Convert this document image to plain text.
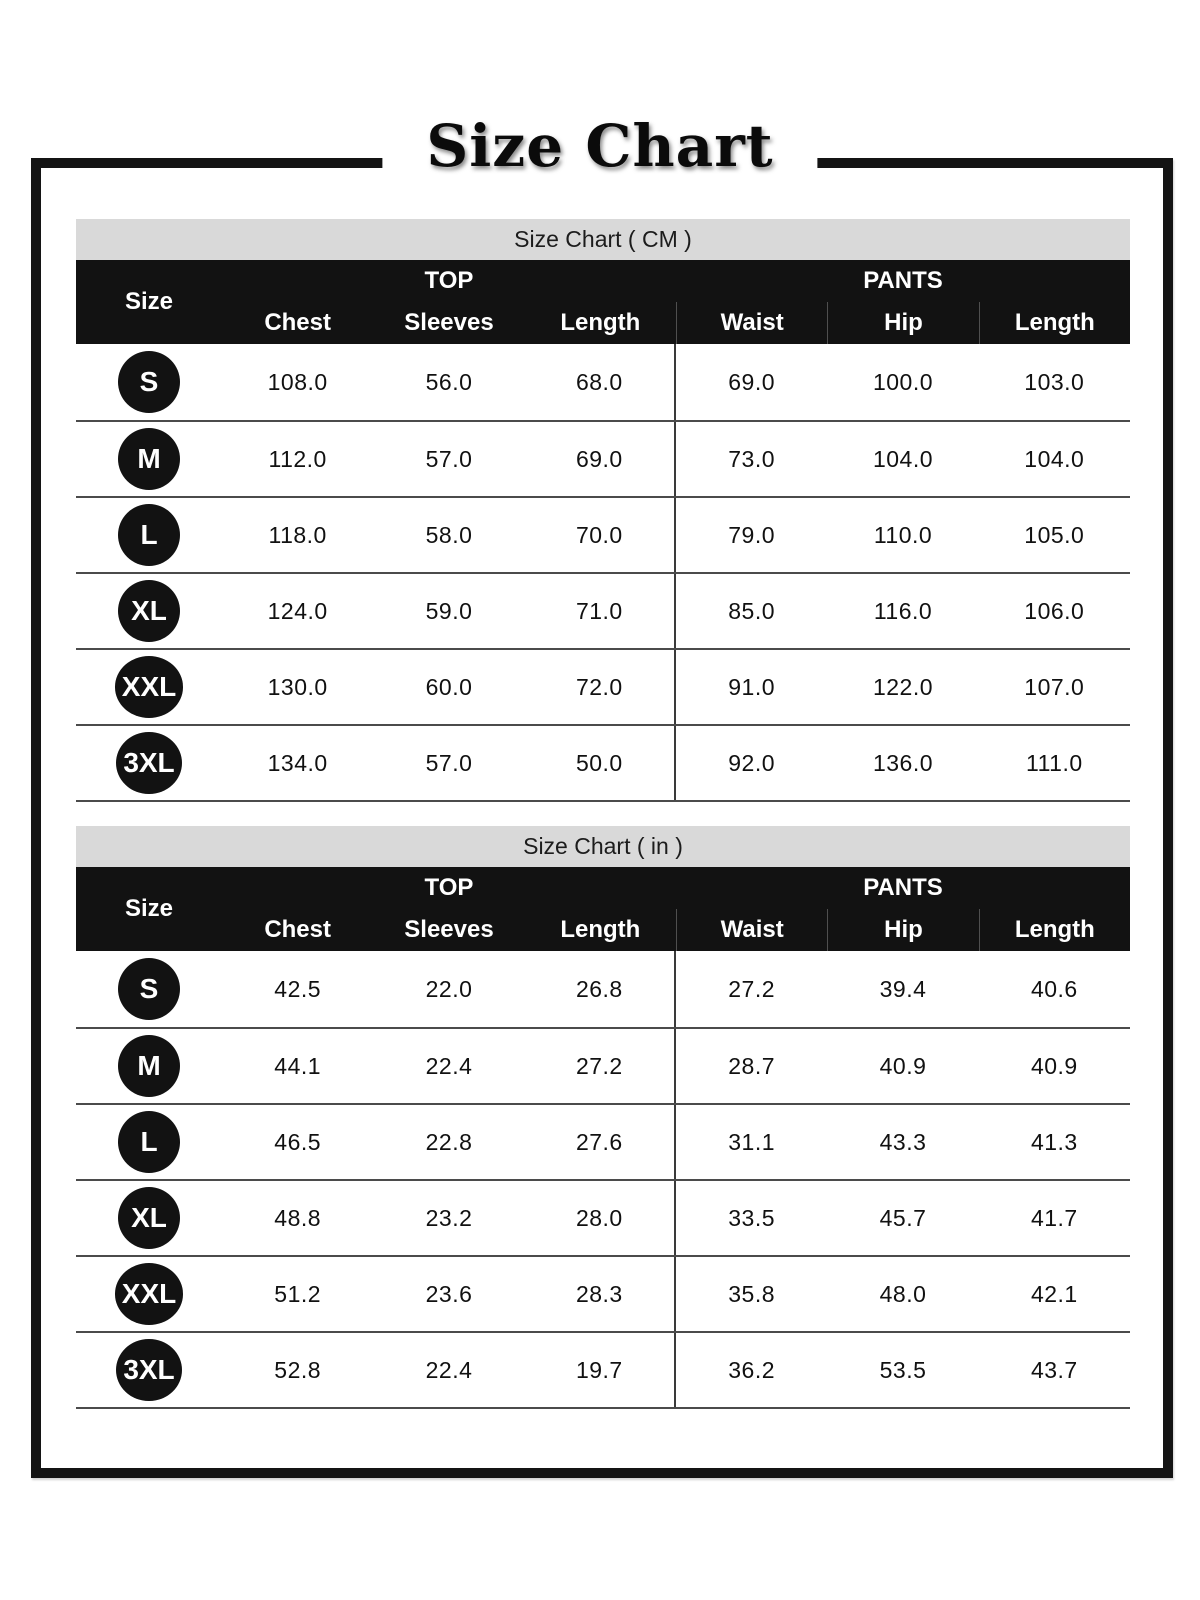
Size Chart
Size Chart ( CM )
Size
TOP	PANTS
Chest	Sleeves	Length	Waist	Hip	Length
S	108.0	56.0	68.0	69.0	100.0	103.0
M	112.0	57.0	69.0	73.0	104.0	104.0
L	118.0	58.0	70.0	79.0	110.0	105.0
XL	124.0	59.0	71.0	85.0	116.0	106.0
XXL	130.0	60.0	72.0	91.0	122.0	107.0
3XL	134.0	57.0	50.0	92.0	136.0	111.0
Size Chart ( in )
Size
TOP	PANTS
Chest	Sleeves	Length	Waist	Hip	Length
S	42.5	22.0	26.8	27.2	39.4	40.6
M	44.1	22.4	27.2	28.7	40.9	40.9
L	46.5	22.8	27.6	31.1	43.3	41.3
XL	48.8	23.2	28.0	33.5	45.7	41.7
XXL	51.2	23.6	28.3	35.8	48.0	42.1
3XL	52.8	22.4	19.7	36.2	53.5	43.7
